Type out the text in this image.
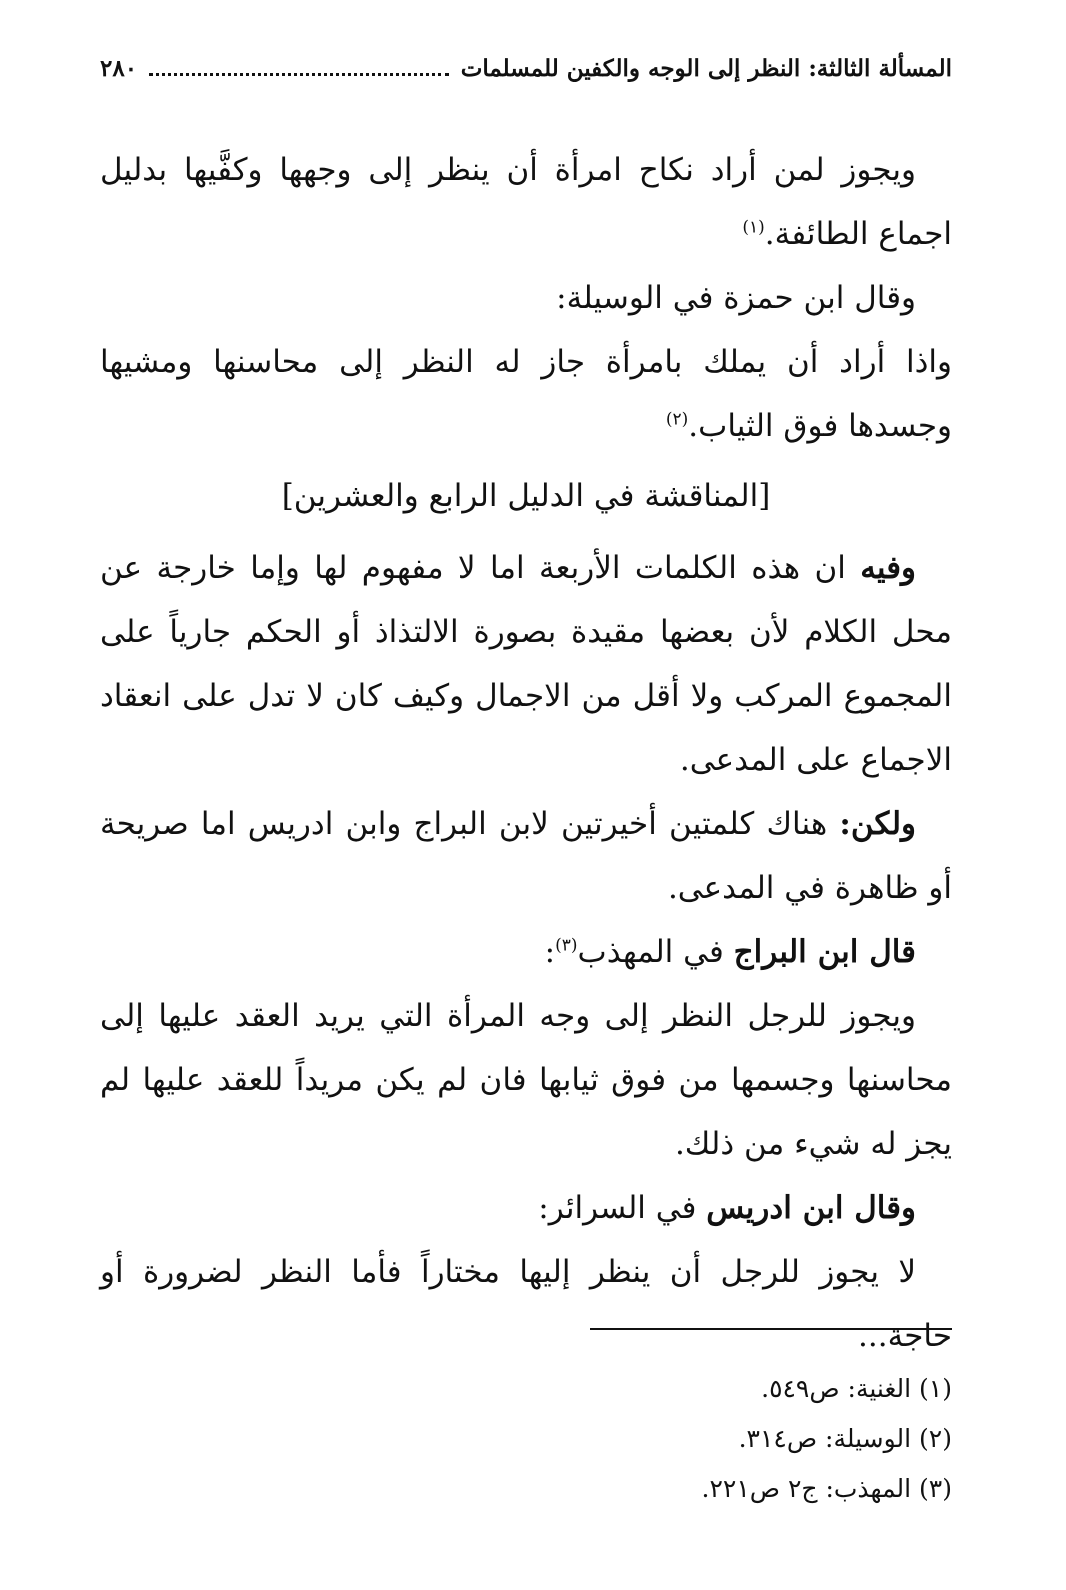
المسألة الثالثة: النظر إلى الوجه والكفين للمسلمات
٢٨٠

ويجوز لمن أراد نكاح امرأة أن ينظر إلى وجهها وكفَّيها بدليل اجماع الطائفة.$^{(١)}$

وقال ابن حمزة في الوسيلة:

واذا أراد أن يملك بامرأة جاز له النظر إلى محاسنها ومشيها وجسدها فوق الثياب.$^{(٢)}$

[المناقشة في الدليل الرابع والعشرين]

وفيه ان هذه الكلمات الأربعة اما لا مفهوم لها وإما خارجة عن محل الكلام لأن بعضها مقيدة بصورة الالتذاذ أو الحكم جارياً على المجموع المركب ولا أقل من الاجمال وكيف كان لا تدل على انعقاد الاجماع على المدعى.

ولكن: هناك كلمتين أخيرتين لابن البراج وابن ادريس اما صريحة أو ظاهرة في المدعى.

قال ابن البراج في المهذب$^{(٣)}$:

ويجوز للرجل النظر إلى وجه المرأة التي يريد العقد عليها إلى محاسنها وجسمها من فوق ثيابها فان لم يكن مريداً للعقد عليها لم يجز له شيء من ذلك.

وقال ابن ادريس في السرائر:

لا يجوز للرجل أن ينظر إليها مختاراً فأما النظر لضرورة أو حاجة...

(١) الغنية: ص٥٤٩.
(٢) الوسيلة: ص٣١٤.
(٣) المهذب: ج٢ ص٢٢١.
